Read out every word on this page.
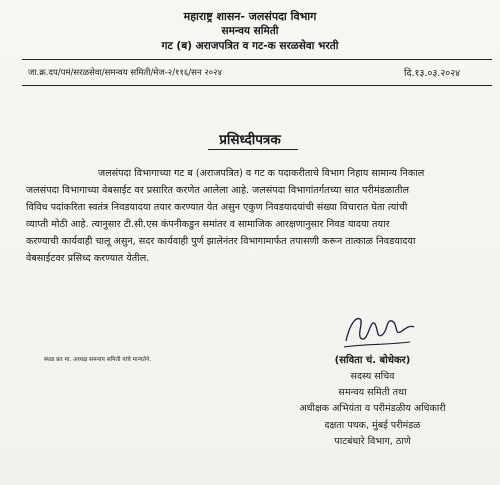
महाराष्ट्र शासन- जलसंपदा विभाग
समन्वय समिती
गट (ब) अराजपत्रित व गट-क सरळसेवा भरती
जा.क्र.दप/पमं/सरळसेवा/समन्वय समिती/मेज-२/११६/सन २०२४	दि.१३.०३.२०२४
प्रसिध्दीपत्रक
जलसंपदा विभागाच्या गट ब (अराजपत्रित) व गट क पदाकरीताचे विभाग निहाय सामान्य निकाल
जलसंपदा विभागाच्या वेबसाईट वर प्रसारित करणेत आलेला आहे. जलसंपदा विभागांतर्गतच्या सात परीमंडळातील
विविध पदांकरिता स्वतंत्र निवडयादया तयार करण्यात येत असुन एकुण निवडयादयांची संख्या विचारात घेता त्यांची
व्याप्ती मोठी आहे. त्यानुसार टी.सी.एस कंपनीकडुन समांतर व सामाजिक आरक्षणानुसार निवड यादया तयार
करण्याची कार्यवाही चालू असुन, सदर कार्यवाही पुर्ण झालेनंतर विभागामार्फत तपासणी करून तात्काळ निवडयादया
वेबसाईटवर प्रसिध्द करण्यात येतील.
स्थळ प्रत मा. अध्यक्ष समन्वय समिती यांचे मान्यतेने.	(सविता चं. बोधेकर)
सदस्य सचिव
समन्वय समिती तथा
अधीक्षक अभियंता व परीमंडळीय अधिकारी
दक्षता पथक, मुंबई परीमंडळ
पाटबंधारे विभाग, ठाणे
